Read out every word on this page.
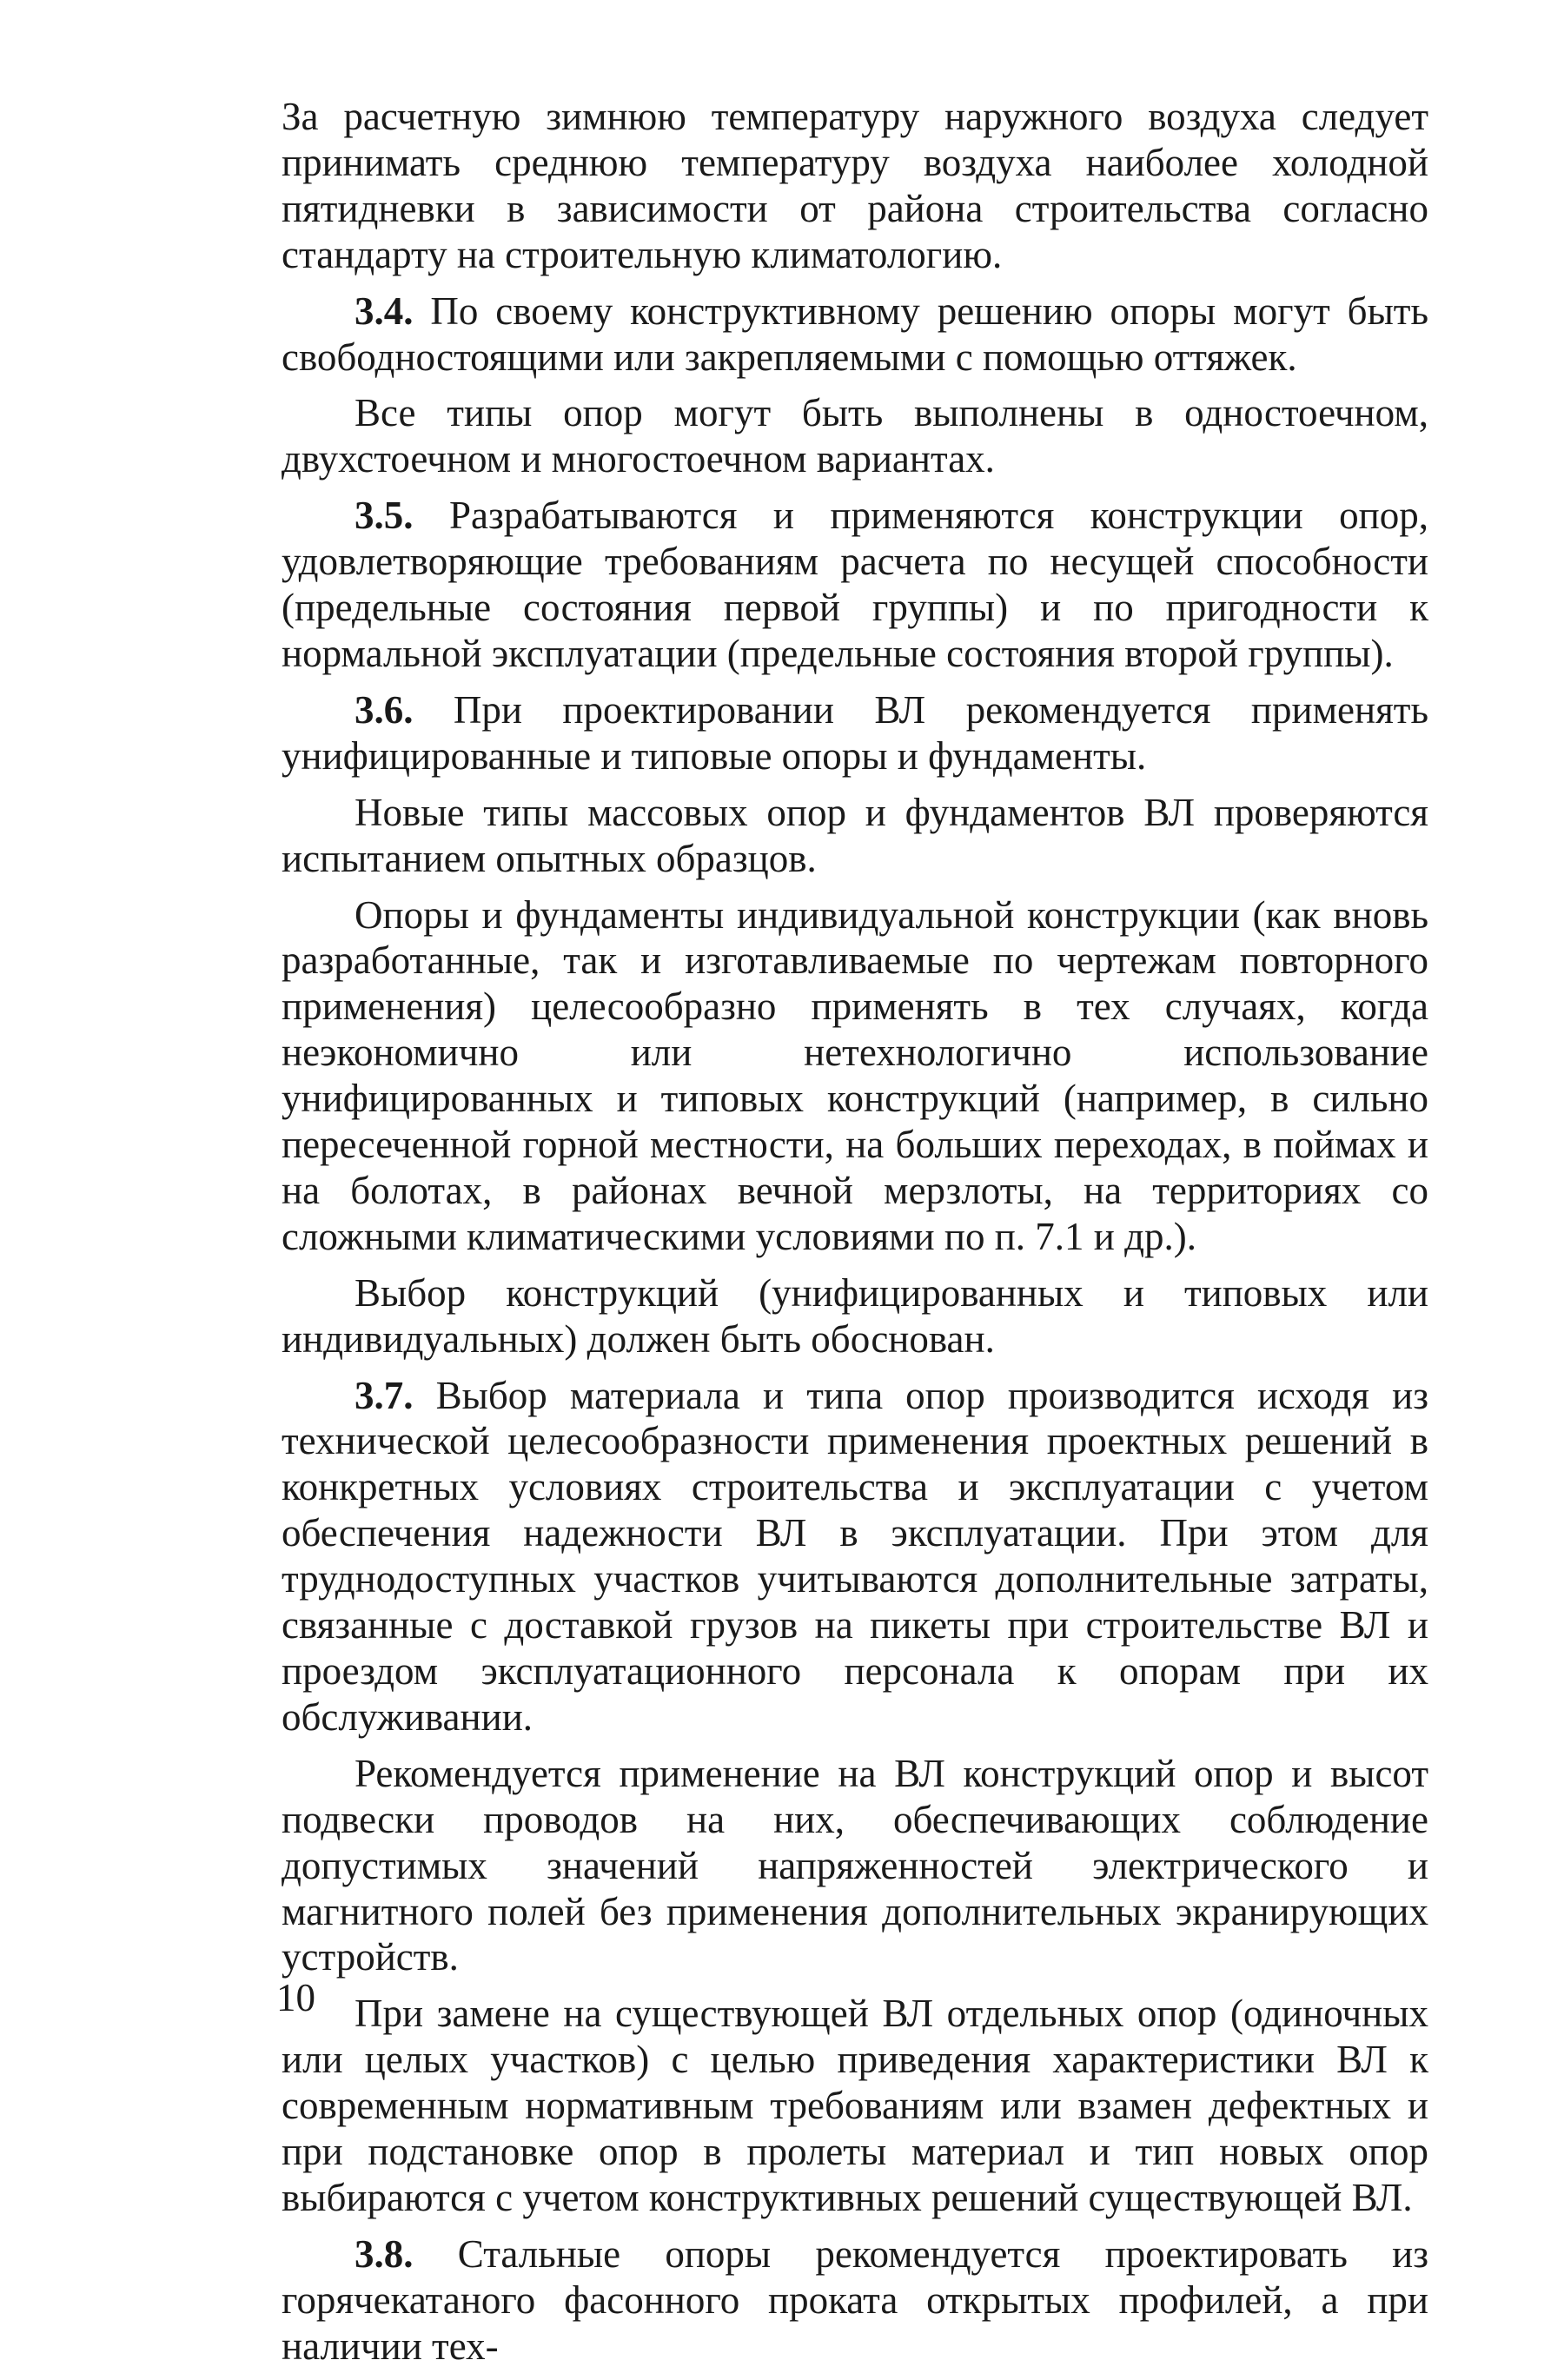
За расчетную зимнюю температуру наружного воздуха следует принимать среднюю температуру воздуха наиболее холодной пятидневки в зависимости от района строительства согласно стандарту на строительную климатологию.

3.4. По своему конструктивному решению опоры могут быть свободностоящими или закрепляемыми с помощью оттяжек.

Все типы опор могут быть выполнены в одностоечном, двухстоечном и многостоечном вариантах.

3.5. Разрабатываются и применяются конструкции опор, удовлетворяющие требованиям расчета по несущей способности (предельные состояния первой группы) и по пригодности к нормальной эксплуатации (предельные состояния второй группы).

3.6. При проектировании ВЛ рекомендуется применять унифицированные и типовые опоры и фундаменты.

Новые типы массовых опор и фундаментов ВЛ проверяются испытанием опытных образцов.

Опоры и фундаменты индивидуальной конструкции (как вновь разработанные, так и изготавливаемые по чертежам повторного применения) целесообразно применять в тех случаях, когда неэкономично или нетехнологично использование унифицированных и типовых конструкций (например, в сильно пересеченной горной местности, на больших переходах, в поймах и на болотах, в районах вечной мерзлоты, на территориях со сложными климатическими условиями по п. 7.1 и др.).

Выбор конструкций (унифицированных и типовых или индивидуальных) должен быть обоснован.

3.7. Выбор материала и типа опор производится исходя из технической целесообразности применения проектных решений в конкретных условиях строительства и эксплуатации с учетом обеспечения надежности ВЛ в эксплуатации. При этом для труднодоступных участков учитываются дополнительные затраты, связанные с доставкой грузов на пикеты при строительстве ВЛ и проездом эксплуатационного персонала к опорам при их обслуживании.

Рекомендуется применение на ВЛ конструкций опор и высот подвески проводов на них, обеспечивающих соблюдение допустимых значений напряженностей электрического и магнитного полей без применения дополнительных экранирующих устройств.

При замене на существующей ВЛ отдельных опор (одиночных или целых участков) с целью приведения характеристики ВЛ к современным нормативным требованиям или взамен дефектных и при подстановке опор в пролеты материал и тип новых опор выбираются с учетом конструктивных решений существующей ВЛ.

3.8. Стальные опоры рекомендуется проектировать из горячекатаного фасонного проката открытых профилей, а при наличии тех-

10
